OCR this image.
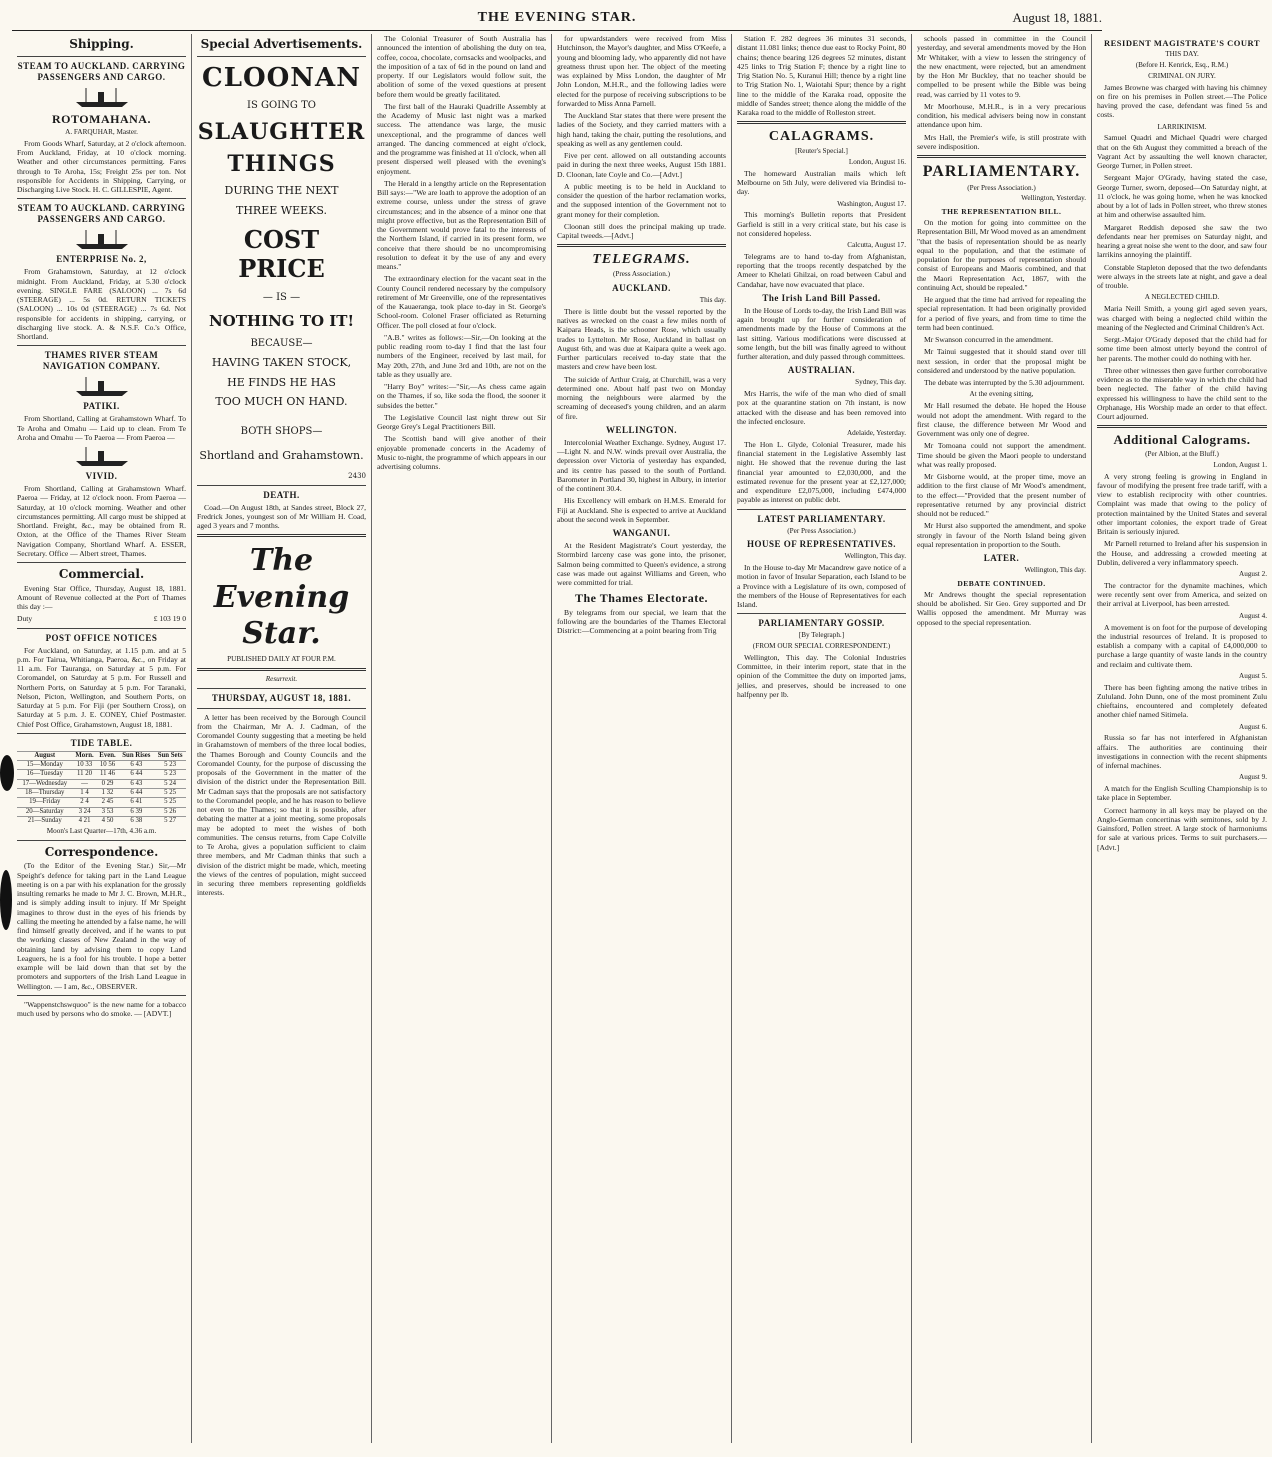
THE EVENING STAR.	August 18, 1881.
Shipping.
STEAM TO AUCKLAND. CARRYING PASSENGERS AND CARGO.
ROTOMAHANA.
A. FARQUHAR, Master.

From Goods Wharf, Saturday, at 2 o'clock afternoon. From Auckland, Friday, at 10 o'clock morning. Weather and other circumstances permitting. Fares through to Te Aroha, 15s; Freight 25s per ton. Not responsible for Accidents in Shipping, Carrying, or Discharging Live Stock. H. C. GILLESPIE, Agent.

STEAM TO AUCKLAND. CARRYING PASSENGERS AND CARGO.
ENTERPRISE No. 2,

From Grahamstown, Saturday, at 12 o'clock midnight. From Auckland, Friday, at 5.30 o'clock evening. SINGLE FARE (SALOON) ... 7s 6d (STEERAGE) ... 5s 0d. RETURN TICKETS (SALOON) ... 10s 0d (STEERAGE) ... 7s 6d. Not responsible for accidents in shipping, carrying, or discharging live stock. A. & N.S.F. Co.'s Office, Shortland.

THAMES RIVER STEAM NAVIGATION COMPANY.
PATIKI.

From Shortland, Calling at Grahamstown Wharf. To Te Aroha and Omahu — Laid up to clean. From Te Aroha and Omahu — To Paeroa — From Paeroa —

VIVID.

From Shortland, Calling at Grahamstown Wharf. Paeroa — Friday, at 12 o'clock noon. From Paeroa — Saturday, at 10 o'clock morning. Weather and other circumstances permitting. All cargo must be shipped at Shortland. Freight, &c., may be obtained from R. Oxton, at the Office of the Thames River Steam Navigation Company, Shortland Wharf. A. ESSER, Secretary. Office — Albert street, Thames.

Commercial.

Evening Star Office, Thursday, August 18, 1881. Amount of Revenue collected at the Port of Thames this day :—

Duty	£ 103 19 0
POST OFFICE NOTICES

For Auckland, on Saturday, at 1.15 p.m. and at 5 p.m. For Tairua, Whitianga, Paeroa, &c., on Friday at 11 a.m. For Tauranga, on Saturday at 5 p.m. For Coromandel, on Saturday at 5 p.m. For Russell and Northern Ports, on Saturday at 5 p.m. For Taranaki, Nelson, Picton, Wellington, and Southern Ports, on Saturday at 5 p.m. For Fiji (per Southern Cross), on Saturday at 5 p.m. J. E. CONEY, Chief Postmaster. Chief Post Office, Grahamstown, August 18, 1881.

TIDE TABLE.
August	Morn.	Even.	Sun Rises	Sun Sets
15—Monday	10 33	10 56	6 43	5 23
16—Tuesday	11 20	11 46	6 44	5 23
17—Wednesday	—	0 29	6 43	5 24
18—Thursday	1 4	1 32	6 44	5 25
19—Friday	2 4	2 45	6 41	5 25
20—Saturday	3 24	3 53	6 39	5 26
21—Sunday	4 21	4 50	6 38	5 27
Moon's Last Quarter—17th, 4.36 a.m.
Correspondence.

(To the Editor of the Evening Star.) Sir,—Mr Speight's defence for taking part in the Land League meeting is on a par with his explanation for the grossly insulting remarks he made to Mr J. C. Brown, M.H.R., and is simply adding insult to injury. If Mr Speight imagines to throw dust in the eyes of his friends by calling the meeting he attended by a false name, he will find himself greatly deceived, and if he wants to put the working classes of New Zealand in the way of obtaining land by advising them to copy Land Leaguers, he is a fool for his trouble. I hope a better example will be laid down than that set by the promoters and supporters of the Irish Land League in Wellington. — I am, &c., OBSERVER.

"Wappenstchswquoo" is the new name for a tobacco much used by persons who do smoke. — [ADVT.]

Special Advertisements.
CLOONAN
IS GOING TO
SLAUGHTER
THINGS
DURING THE NEXT
THREE WEEKS.
COST PRICE
— IS —
NOTHING TO IT!
BECAUSE—
HAVING TAKEN STOCK,
HE FINDS HE HAS
TOO MUCH ON HAND.
BOTH SHOPS—
Shortland and Grahamstown.
2430
DEATH.

Coad.—On August 18th, at Sandes street, Block 27, Fredrick Jones, youngest son of Mr William H. Coad, aged 3 years and 7 months.

The Evening Star.
PUBLISHED DAILY AT FOUR P.M.
Resurrexit.
THURSDAY, AUGUST 18, 1881.

A letter has been received by the Borough Council from the Chairman, Mr A. J. Cadman, of the Coromandel County suggesting that a meeting be held in Grahamstown of members of the three local bodies, the Thames Borough and County Councils and the Coromandel County, for the purpose of discussing the proposals of the Government in the matter of the division of the district under the Representation Bill. Mr Cadman says that the proposals are not satisfactory to the Coromandel people, and he has reason to believe not even to the Thames; so that it is possible, after debating the matter at a joint meeting, some proposals may be adopted to meet the wishes of both communities. The census returns, from Cape Colville to Te Aroha, gives a population sufficient to claim three members, and Mr Cadman thinks that such a division of the district might be made, which, meeting the views of the centres of population, might succeed in securing three members representing goldfields interests.

The Colonial Treasurer of South Australia has announced the intention of abolishing the duty on tea, coffee, cocoa, chocolate, cornsacks and woolpacks, and the imposition of a tax of 6d in the pound on land and property. If our Legislators would follow suit, the abolition of some of the vexed questions at present before them would be greatly facilitated.

The first ball of the Hauraki Quadrille Assembly at the Academy of Music last night was a marked success. The attendance was large, the music unexceptional, and the programme of dances well arranged. The dancing commenced at eight o'clock, and the programme was finished at 11 o'clock, when all present dispersed well pleased with the evening's enjoyment.

The Herald in a lengthy article on the Representation Bill says:—"We are loath to approve the adoption of an extreme course, unless under the stress of grave circumstances; and in the absence of a minor one that might prove effective, but as the Representation Bill of the Government would prove fatal to the interests of the Northern Island, if carried in its present form, we conceive that there should be no uncompromising resolution to defeat it by the use of any and every means."

The extraordinary election for the vacant seat in the County Council rendered necessary by the compulsory retirement of Mr Greenville, one of the representatives of the Kauaeranga, took place to-day in St. George's School-room. Colonel Fraser officiated as Returning Officer. The poll closed at four o'clock.

"A.B." writes as follows:—Sir,—On looking at the public reading room to-day I find that the last four numbers of the Engineer, received by last mail, for May 20th, 27th, and June 3rd and 10th, are not on the table as they usually are.

"Harry Boy" writes:—"Sir,—As chess came again on the Thames, if so, like soda the flood, the sooner it subsides the better."

The Legislative Council last night threw out Sir George Grey's Legal Practitioners Bill.

The Scottish band will give another of their enjoyable promenade concerts in the Academy of Music to-night, the programme of which appears in our advertising columns.

for upwardstanders were received from Miss Hutchinson, the Mayor's daughter, and Miss O'Keefe, a young and blooming lady, who apparently did not have greatness thrust upon her. The object of the meeting was explained by Miss London, the daughter of Mr John London, M.H.R., and the following ladies were elected for the purpose of receiving subscriptions to be forwarded to Miss Anna Parnell.

The Auckland Star states that there were present the ladies of the Society, and they carried matters with a high hand, taking the chair, putting the resolutions, and speaking as well as any gentlemen could.

Five per cent. allowed on all outstanding accounts paid in during the next three weeks, August 15th 1881. D. Cloonan, late Coyle and Co.—[Advt.]

A public meeting is to be held in Auckland to consider the question of the harbor reclamation works, and the supposed intention of the Government not to grant money for their completion.

Cloonan still does the principal making up trade. Capital tweeds.—[Advt.]

TELEGRAMS.
(Press Association.)
AUCKLAND.
This day.

There is little doubt but the vessel reported by the natives as wrecked on the coast a few miles north of Kaipara Heads, is the schooner Rose, which usually trades to Lyttelton. Mr Rose, Auckland in ballast on August 6th, and was due at Kaipara quite a week ago. Further particulars received to-day state that the masters and crew have been lost.

The suicide of Arthur Craig, at Churchill, was a very determined one. About half past two on Monday morning the neighbours were alarmed by the screaming of deceased's young children, and an alarm of fire.

WELLINGTON.

Intercolonial Weather Exchange. Sydney, August 17.—Light N. and N.W. winds prevail over Australia, the depression over Victoria of yesterday has expanded, and its centre has passed to the south of Portland. Barometer in Portland 30, highest in Albury, in interior of the continent 30.4.

His Excellency will embark on H.M.S. Emerald for Fiji at Auckland. She is expected to arrive at Auckland about the second week in September.

WANGANUI.

At the Resident Magistrate's Court yesterday, the Stormbird larceny case was gone into, the prisoner, Salmon being committed to Queen's evidence, a strong case was made out against Williams and Green, who were committed for trial.

The Thames Electorate.

By telegrams from our special, we learn that the following are the boundaries of the Thames Electoral District:—Commencing at a point bearing from Trig

Station F. 282 degrees 36 minutes 31 seconds, distant 11.081 links; thence due east to Rocky Point, 80 chains; thence bearing 126 degrees 52 minutes, distant 425 links to Trig Station F; thence by a right line to Trig Station No. 5, Kuranui Hill; thence by a right line to Trig Station No. 1, Waiotahi Spur; thence by a right line to the middle of the Karaka road, opposite the middle of Sandes street; thence along the middle of the Karaka road to the middle of Rolleston street.

CALAGRAMS.
[Reuter's Special.]
London, August 16.

The homeward Australian mails which left Melbourne on 5th July, were delivered via Brindisi to-day.

Washington, August 17.

This morning's Bulletin reports that President Garfield is still in a very critical state, but his case is not considered hopeless.

Calcutta, August 17.

Telegrams are to hand to-day from Afghanistan, reporting that the troops recently despatched by the Ameer to Khelati Ghilzai, on road between Cabul and Candahar, have now evacuated that place.

The Irish Land Bill Passed.

In the House of Lords to-day, the Irish Land Bill was again brought up for further consideration of amendments made by the House of Commons at the last sitting. Various modifications were discussed at some length, but the bill was finally agreed to without further alteration, and duly passed through committees.

AUSTRALIAN.
Sydney, This day.

Mrs Harris, the wife of the man who died of small pox at the quarantine station on 7th instant, is now attacked with the disease and has been removed into the infected enclosure.

Adelaide, Yesterday.

The Hon L. Glyde, Colonial Treasurer, made his financial statement in the Legislative Assembly last night. He showed that the revenue during the last financial year amounted to £2,030,000, and the estimated revenue for the present year at £2,127,000; and expenditure £2,075,000, including £474,000 payable as interest on public debt.

LATEST PARLIAMENTARY.
(Per Press Association.)
HOUSE OF REPRESENTATIVES.
Wellington, This day.

In the House to-day Mr Macandrew gave notice of a motion in favor of Insular Separation, each Island to be a Province with a Legislature of its own, composed of the members of the House of Representatives for each Island.

PARLIAMENTARY GOSSIP.
[By Telegraph.]
(FROM OUR SPECIAL CORRESPONDENT.)

Wellington, This day. The Colonial Industries Committee, in their interim report, state that in the opinion of the Committee the duty on imported jams, jellies, and preserves, should be increased to one halfpenny per lb.

schools passed in committee in the Council yesterday, and several amendments moved by the Hon Mr Whitaker, with a view to lessen the stringency of the new enactment, were rejected, but an amendment by the Hon Mr Buckley, that no teacher should be compelled to be present while the Bible was being read, was carried by 11 votes to 9.

Mr Moorhouse, M.H.R., is in a very precarious condition, his medical advisers being now in constant attendance upon him.

Mrs Hall, the Premier's wife, is still prostrate with severe indisposition.

PARLIAMENTARY.
(Per Press Association.)
Wellington, Yesterday.
THE REPRESENTATION BILL.

On the motion for going into committee on the Representation Bill, Mr Wood moved as an amendment "that the basis of representation should be as nearly equal to the population, and that the estimate of population for the purposes of representation should consist of Europeans and Maoris combined, and that the Maori Representation Act, 1867, with the continuing Act, should be repealed."

He argued that the time had arrived for repealing the special representation. It had been originally provided for a period of five years, and from time to time the term had been continued.

Mr Swanson concurred in the amendment.

Mr Tainui suggested that it should stand over till next session, in order that the proposal might be considered and understood by the native population.

The debate was interrupted by the 5.30 adjournment.

At the evening sitting,

Mr Hall resumed the debate. He hoped the House would not adopt the amendment. With regard to the first clause, the difference between Mr Wood and Government was only one of degree.

Mr Tomoana could not support the amendment. Time should be given the Maori people to understand what was really proposed.

Mr Gisborne would, at the proper time, move an addition to the first clause of Mr Wood's amendment, to the effect—"Provided that the present number of representative returned by any provincial district should not be reduced."

Mr Hurst also supported the amendment, and spoke strongly in favour of the North Island being given equal representation in proportion to the South.

LATER.
Wellington, This day.
DEBATE CONTINUED.

Mr Andrews thought the special representation should be abolished. Sir Geo. Grey supported and Dr Wallis opposed the amendment. Mr Murray was opposed to the special representation.

RESIDENT MAGISTRATE'S COURT
THIS DAY.
(Before H. Kenrick, Esq., R.M.)
CRIMINAL ON JURY.

James Browne was charged with having his chimney on fire on his premises in Pollen street.—The Police having proved the case, defendant was fined 5s and costs.

LARRIKINISM.

Samuel Quadri and Michael Quadri were charged that on the 6th August they committed a breach of the Vagrant Act by assaulting the well known character, George Turner, in Pollen street.

Sergeant Major O'Grady, having stated the case, George Turner, sworn, deposed—On Saturday night, at 11 o'clock, he was going home, when he was knocked about by a lot of lads in Pollen street, who threw stones at him and otherwise assaulted him.

Margaret Reddish deposed she saw the two defendants near her premises on Saturday night, and hearing a great noise she went to the door, and saw four larrikins annoying the plaintiff.

Constable Stapleton deposed that the two defendants were always in the streets late at night, and gave a deal of trouble.

A NEGLECTED CHILD.

Maria Neill Smith, a young girl aged seven years, was charged with being a neglected child within the meaning of the Neglected and Criminal Children's Act.

Sergt.-Major O'Grady deposed that the child had for some time been almost utterly beyond the control of her parents. The mother could do nothing with her.

Three other witnesses then gave further corroborative evidence as to the miserable way in which the child had been neglected. The father of the child having expressed his willingness to have the child sent to the Orphanage, His Worship made an order to that effect. Court adjourned.

Additional Calograms.
(Per Albion, at the Bluff.)
London, August 1.

A very strong feeling is growing in England in favour of modifying the present free trade tariff, with a view to establish reciprocity with other countries. Complaint was made that owing to the policy of protection maintained by the United States and several other important colonies, the export trade of Great Britain is seriously injured.

Mr Parnell returned to Ireland after his suspension in the House, and addressing a crowded meeting at Dublin, delivered a very inflammatory speech.

August 2.

The contractor for the dynamite machines, which were recently sent over from America, and seized on their arrival at Liverpool, has been arrested.

August 4.

A movement is on foot for the purpose of developing the industrial resources of Ireland. It is proposed to establish a company with a capital of £4,000,000 to purchase a large quantity of waste lands in the country and reclaim and cultivate them.

August 5.

There has been fighting among the native tribes in Zululand. John Dunn, one of the most prominent Zulu chieftains, encountered and completely defeated another chief named Sitimela.

August 6.

Russia so far has not interfered in Afghanistan affairs. The authorities are continuing their investigations in connection with the recent shipments of infernal machines.

August 9.

A match for the English Sculling Championship is to take place in September.

Correct harmony in all keys may be played on the Anglo-German concertinas with semitones, sold by J. Gainsford, Pollen street. A large stock of harmoniums for sale at various prices. Terms to suit purchasers.—[Advt.]
